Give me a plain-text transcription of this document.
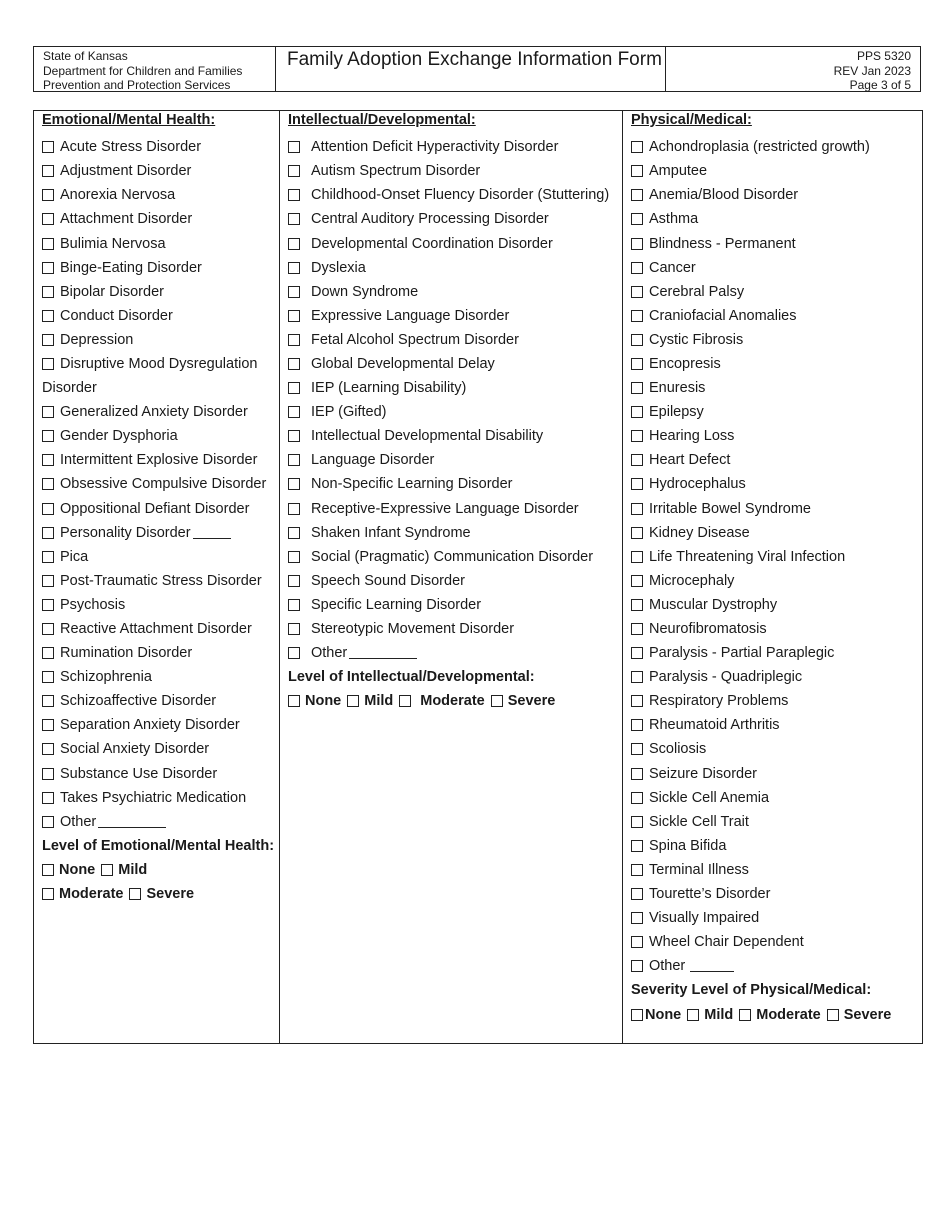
State of Kansas
Department for Children and Families
Prevention and Protection Services
Family Adoption Exchange Information Form	PPS 5320
REV Jan 2023
Page 3 of 5
Emotional/Mental Health:
Acute Stress Disorder
Adjustment Disorder
Anorexia Nervosa
Attachment Disorder
Bulimia Nervosa
Binge-Eating Disorder
Bipolar Disorder
Conduct Disorder
Depression
Disruptive Mood Dysregulation
Disorder
Generalized Anxiety Disorder
Gender Dysphoria
Intermittent Explosive Disorder
Obsessive Compulsive Disorder
Oppositional Defiant Disorder
Personality Disorder
Pica
Post-Traumatic Stress Disorder
Psychosis
Reactive Attachment Disorder
Rumination Disorder
Schizophrenia
Schizoaffective Disorder
Separation Anxiety Disorder
Social Anxiety Disorder
Substance Use Disorder
Takes Psychiatric Medication
Other
Level of Emotional/Mental Health:
None Mild
Moderate Severe
Intellectual/Developmental:
Attention Deficit Hyperactivity Disorder
Autism Spectrum Disorder
Childhood-Onset Fluency Disorder (Stuttering)
Central Auditory Processing Disorder
Developmental Coordination Disorder
Dyslexia
Down Syndrome
Expressive Language Disorder
Fetal Alcohol Spectrum Disorder
Global Developmental Delay
IEP (Learning Disability)
IEP (Gifted)
Intellectual Developmental Disability
Language Disorder
Non-Specific Learning Disorder
Receptive-Expressive Language Disorder
Shaken Infant Syndrome
Social (Pragmatic) Communication Disorder
Speech Sound Disorder
Specific Learning Disorder
Stereotypic Movement Disorder
Other
Level of Intellectual/Developmental:
None Mild Moderate Severe
Physical/Medical:
Achondroplasia (restricted growth)
Amputee
Anemia/Blood Disorder
Asthma
Blindness - Permanent
Cancer
Cerebral Palsy
Craniofacial Anomalies
Cystic Fibrosis
Encopresis
Enuresis
Epilepsy
Hearing Loss
Heart Defect
Hydrocephalus
Irritable Bowel Syndrome
Kidney Disease
Life Threatening Viral Infection
Microcephaly
Muscular Dystrophy
Neurofibromatosis
Paralysis - Partial Paraplegic
Paralysis - Quadriplegic
Respiratory Problems
Rheumatoid Arthritis
Scoliosis
Seizure Disorder
Sickle Cell Anemia
Sickle Cell Trait
Spina Bifida
Terminal Illness
Tourette’s Disorder
Visually Impaired
Wheel Chair Dependent
Other
Severity Level of Physical/Medical:
None Mild Moderate Severe
